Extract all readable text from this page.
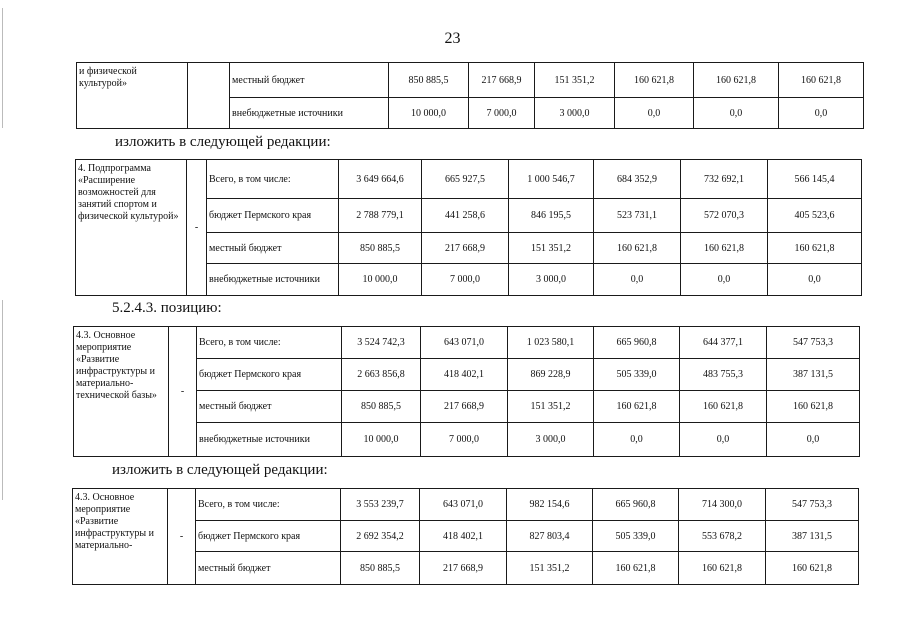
23
и физической культурой»		местный бюджет	850 885,5	217 668,9	151 351,2	160 621,8	160 621,8	160 621,8
		внебюджетные источники	10 000,0	7 000,0	3 000,0	0,0	0,0	0,0
изложить в следующей редакции:
4. Подпрограмма «Расширение возможностей для занятий спортом и физической культурой»	-	Всего, в том числе:	3 649 664,6	665 927,5	1 000 546,7	684 352,9	732 692,1	566 145,4
		бюджет Пермского края	2 788 779,1	441 258,6	846 195,5	523 731,1	572 070,3	405 523,6
		местный бюджет	850 885,5	217 668,9	151 351,2	160 621,8	160 621,8	160 621,8
		внебюджетные источники	10 000,0	7 000,0	3 000,0	0,0	0,0	0,0
5.2.4.3. позицию:
4.3. Основное мероприятие «Развитие инфраструктуры и материально-технической базы»	-	Всего, в том числе:	3 524 742,3	643 071,0	1 023 580,1	665 960,8	644 377,1	547 753,3
		бюджет Пермского края	2 663 856,8	418 402,1	869 228,9	505 339,0	483 755,3	387 131,5
		местный бюджет	850 885,5	217 668,9	151 351,2	160 621,8	160 621,8	160 621,8
		внебюджетные источники	10 000,0	7 000,0	3 000,0	0,0	0,0	0,0
изложить в следующей редакции:
4.3. Основное мероприятие «Развитие инфраструктуры и материально-	-	Всего, в том числе:	3 553 239,7	643 071,0	982 154,6	665 960,8	714 300,0	547 753,3
		бюджет Пермского края	2 692 354,2	418 402,1	827 803,4	505 339,0	553 678,2	387 131,5
		местный бюджет	850 885,5	217 668,9	151 351,2	160 621,8	160 621,8	160 621,8
